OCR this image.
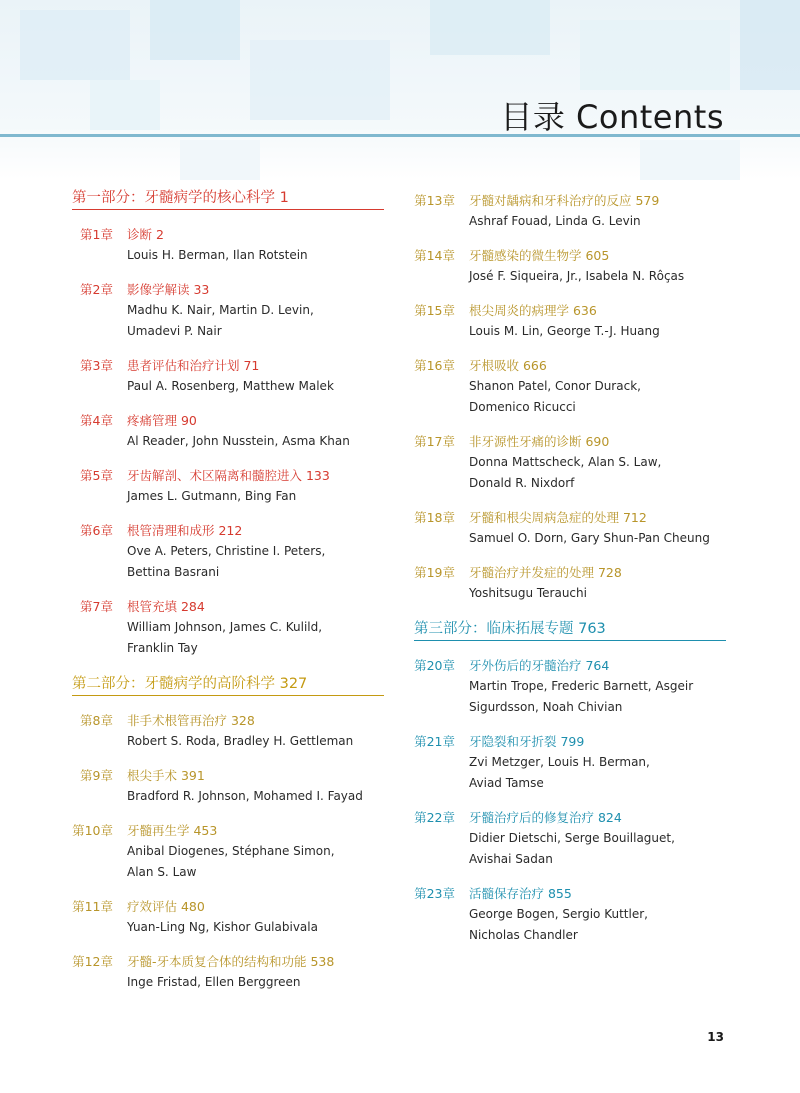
目录 Contents
第一部分：牙髓病学的核心科学 1
第1章	诊断 2
Louis H. Berman, Ilan Rotstein
第2章	影像学解读 33
Madhu K. Nair, Martin D. Levin,
Umadevi P. Nair
第3章	患者评估和治疗计划 71
Paul A. Rosenberg, Matthew Malek
第4章	疼痛管理 90
Al Reader, John Nusstein, Asma Khan
第5章	牙齿解剖、术区隔离和髓腔进入 133
James L. Gutmann, Bing Fan
第6章	根管清理和成形 212
Ove A. Peters, Christine I. Peters,
Bettina Basrani
第7章	根管充填 284
William Johnson, James C. Kulild,
Franklin Tay
第二部分：牙髓病学的高阶科学 327
第8章	非手术根管再治疗 328
Robert S. Roda, Bradley H. Gettleman
第9章	根尖手术 391
Bradford R. Johnson, Mohamed I. Fayad
第10章	牙髓再生学 453
Anibal Diogenes, Stéphane Simon,
Alan S. Law
第11章	疗效评估 480
Yuan-Ling Ng, Kishor Gulabivala
第12章	牙髓-牙本质复合体的结构和功能 538
Inge Fristad, Ellen Berggreen
第13章	牙髓对龋病和牙科治疗的反应 579
Ashraf Fouad, Linda G. Levin
第14章	牙髓感染的微生物学 605
José F. Siqueira, Jr., Isabela N. Rôças
第15章	根尖周炎的病理学 636
Louis M. Lin, George T.-J. Huang
第16章	牙根吸收 666
Shanon Patel, Conor Durack,
Domenico Ricucci
第17章	非牙源性牙痛的诊断 690
Donna Mattscheck, Alan S. Law,
Donald R. Nixdorf
第18章	牙髓和根尖周病急症的处理 712
Samuel O. Dorn, Gary Shun-Pan Cheung
第19章	牙髓治疗并发症的处理 728
Yoshitsugu Terauchi
第三部分：临床拓展专题 763
第20章	牙外伤后的牙髓治疗 764
Martin Trope, Frederic Barnett, Asgeir
Sigurdsson, Noah Chivian
第21章	牙隐裂和牙折裂 799
Zvi Metzger, Louis H. Berman,
Aviad Tamse
第22章	牙髓治疗后的修复治疗 824
Didier Dietschi, Serge Bouillaguet,
Avishai Sadan
第23章	活髓保存治疗 855
George Bogen, Sergio Kuttler,
Nicholas Chandler
13
